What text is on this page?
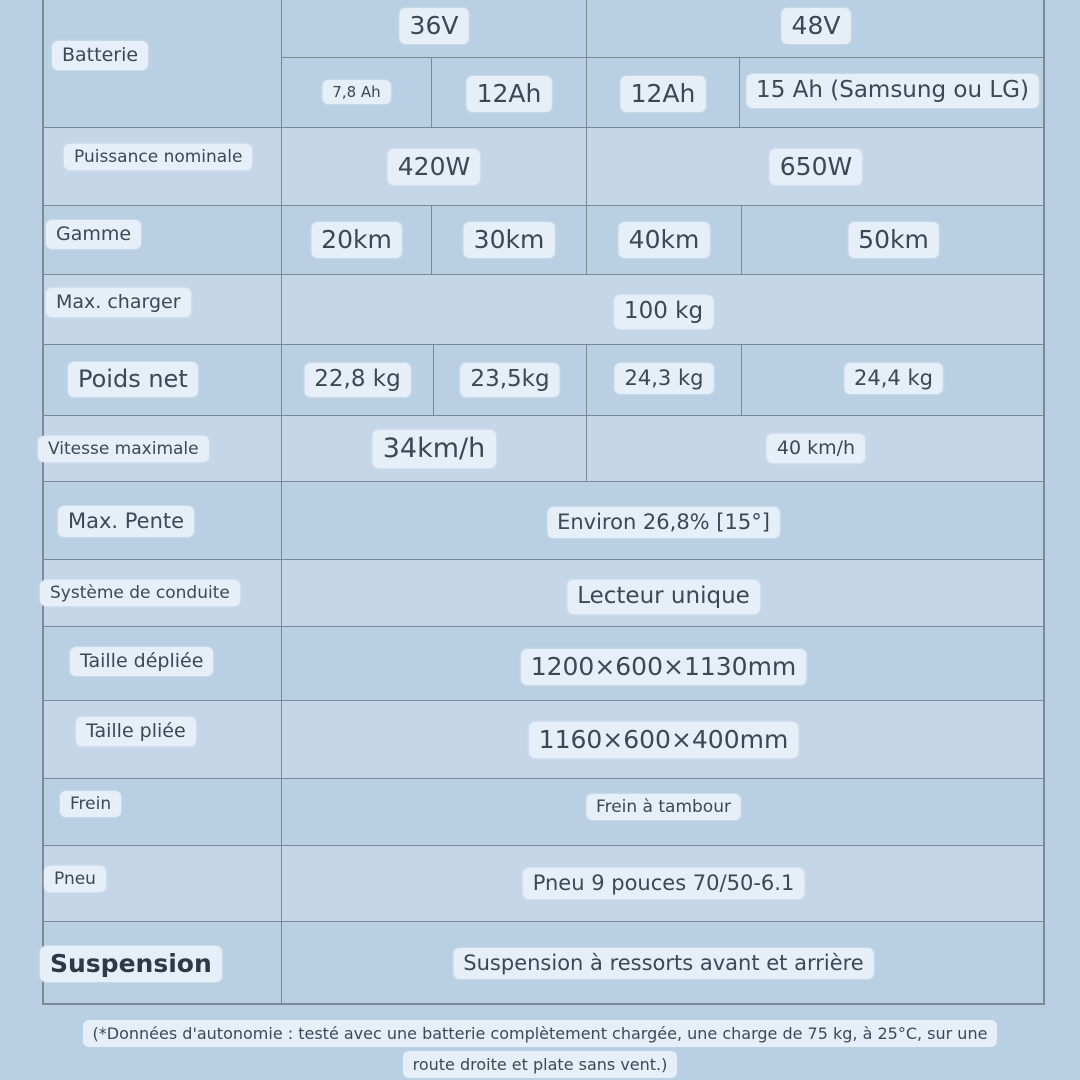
Batterie
36V	48V
7,8 Ah	12Ah	12Ah	15 Ah (Samsung ou LG)
Puissance nominale	420W	650W
Gamme	20km	30km	40km	50km
Max. charger	100 kg
Poids net	22,8 kg	23,5kg	24,3 kg	24,4 kg
Vitesse maximale	34km/h	40 km/h
Max. Pente	Environ 26,8% [15°]
Système de conduite	Lecteur unique
Taille dépliée	1200×600×1130mm
Taille pliée	1160×600×400mm
Frein	Frein à tambour
Pneu	Pneu 9 pouces 70/50-6.1
Suspension	Suspension à ressorts avant et arrière
(*Données d'autonomie : testé avec une batterie complètement chargée, une charge de 75 kg, à 25°C, sur une
route droite et plate sans vent.)
